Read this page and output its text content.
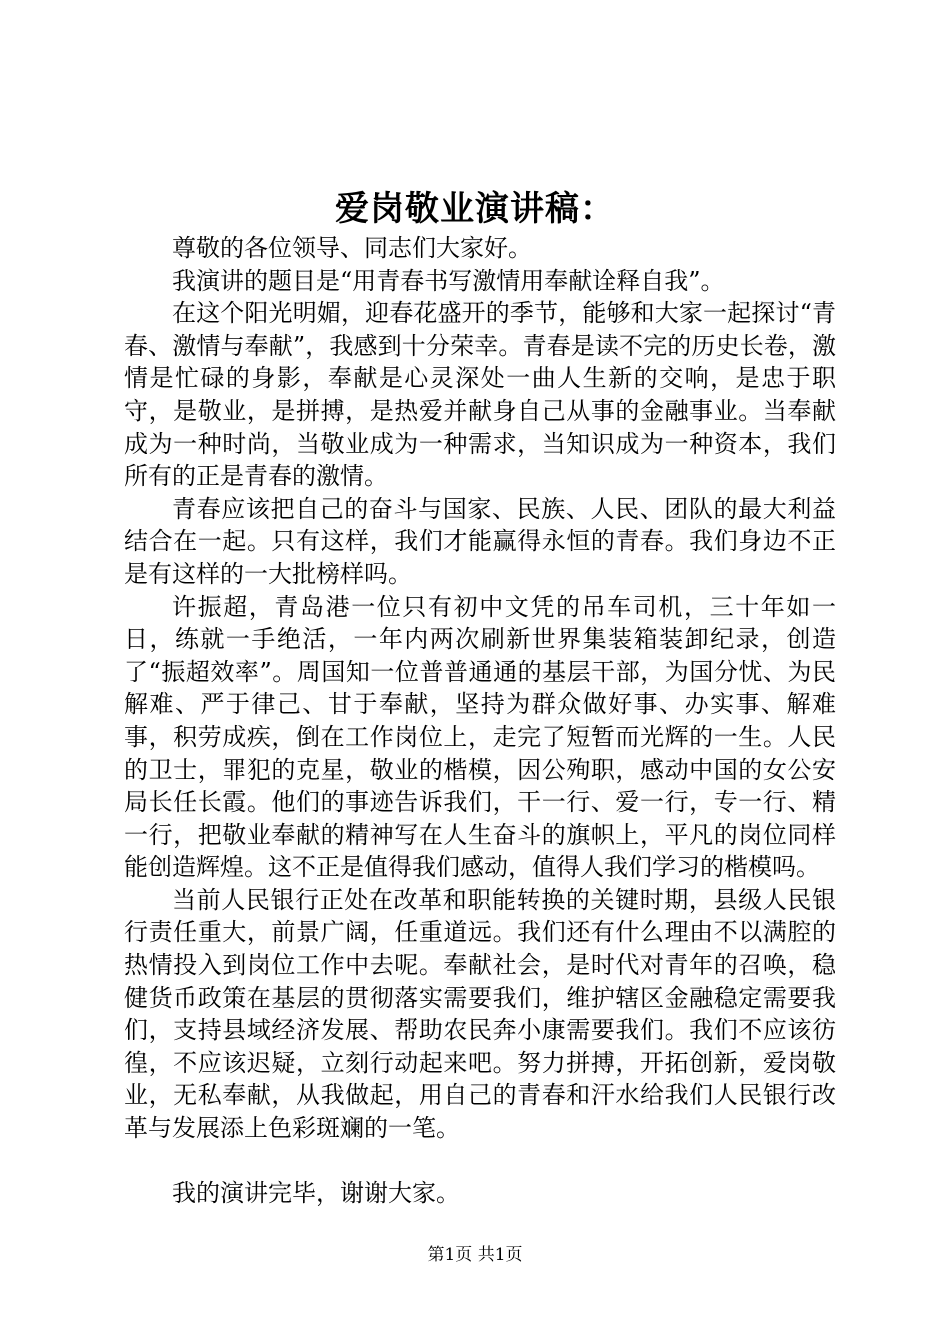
爱岗敬业演讲稿：

尊敬的各位领导、同志们大家好。

我演讲的题目是“用青春书写激情用奉献诠释自我”。

在这个阳光明媚，迎春花盛开的季节，能够和大家一起探讨“青春、激情与奉献”，我感到十分荣幸。青春是读不完的历史长卷，激情是忙碌的身影，奉献是心灵深处一曲人生新的交响，是忠于职守，是敬业，是拼搏，是热爱并献身自己从事的金融事业。当奉献成为一种时尚，当敬业成为一种需求，当知识成为一种资本，我们所有的正是青春的激情。

青春应该把自己的奋斗与国家、民族、人民、团队的最大利益结合在一起。只有这样，我们才能赢得永恒的青春。我们身边不正是有这样的一大批榜样吗。

许振超，青岛港一位只有初中文凭的吊车司机，三十年如一日，练就一手绝活，一年内两次刷新世界集装箱装卸纪录，创造了“振超效率”。周国知一位普普通通的基层干部，为国分忧、为民解难、严于律己、甘于奉献，坚持为群众做好事、办实事、解难事，积劳成疾，倒在工作岗位上，走完了短暂而光辉的一生。人民的卫士，罪犯的克星，敬业的楷模，因公殉职，感动中国的女公安局长任长霞。他们的事迹告诉我们，干一行、爱一行，专一行、精一行，把敬业奉献的精神写在人生奋斗的旗帜上，平凡的岗位同样能创造辉煌。这不正是值得我们感动，值得人我们学习的楷模吗。

当前人民银行正处在改革和职能转换的关键时期，县级人民银行责任重大，前景广阔，任重道远。我们还有什么理由不以满腔的热情投入到岗位工作中去呢。奉献社会，是时代对青年的召唤，稳健货币政策在基层的贯彻落实需要我们，维护辖区金融稳定需要我们，支持县域经济发展、帮助农民奔小康需要我们。我们不应该彷徨，不应该迟疑，立刻行动起来吧。努力拼搏，开拓创新，爱岗敬业，无私奉献，从我做起，用自己的青春和汗水给我们人民银行改革与发展添上色彩斑斓的一笔。

我的演讲完毕，谢谢大家。

第1页 共1页
